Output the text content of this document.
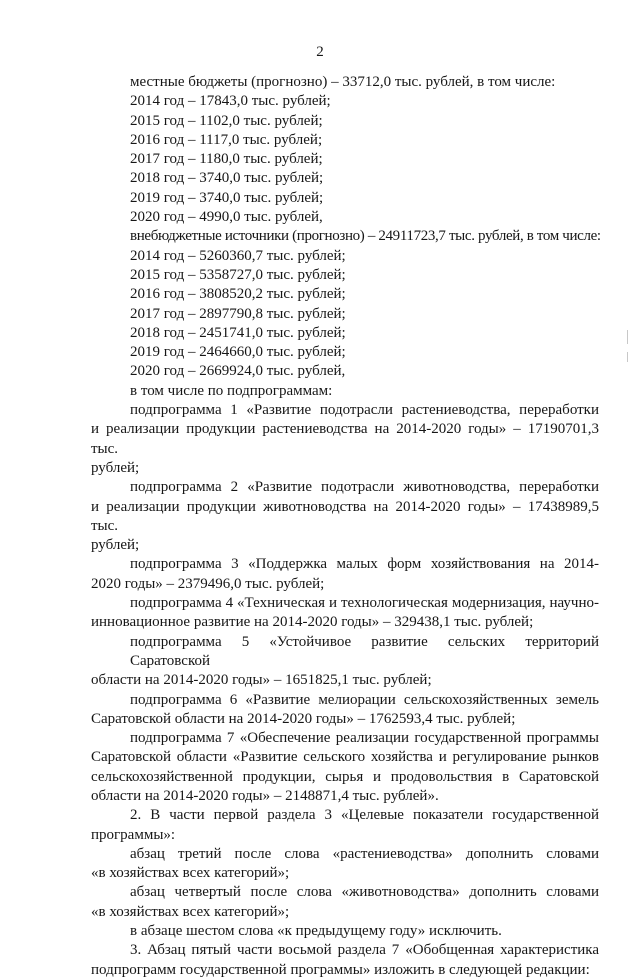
2
местные бюджеты (прогнозно) – 33712,0 тыс. рублей, в том числе:
2014 год – 17843,0 тыс. рублей;
2015 год – 1102,0 тыс. рублей;
2016 год – 1117,0 тыс. рублей;
2017 год – 1180,0 тыс. рублей;
2018 год – 3740,0 тыс. рублей;
2019 год – 3740,0 тыс. рублей;
2020 год – 4990,0 тыс. рублей,
внебюджетные источники (прогнозно) – 24911723,7 тыс. рублей, в том числе:
2014 год – 5260360,7 тыс. рублей;
2015 год – 5358727,0 тыс. рублей;
2016 год – 3808520,2 тыс. рублей;
2017 год – 2897790,8 тыс. рублей;
2018 год – 2451741,0 тыс. рублей;
2019 год – 2464660,0 тыс. рублей;
2020 год – 2669924,0 тыс. рублей,
в том числе по подпрограммам:
подпрограмма 1 «Развитие подотрасли растениеводства, переработки
и реализации продукции растениеводства на 2014-2020 годы» – 17190701,3 тыс.
рублей;
подпрограмма 2 «Развитие подотрасли животноводства, переработки
и реализации продукции животноводства на 2014-2020 годы» – 17438989,5 тыс.
рублей;
подпрограмма 3 «Поддержка малых форм хозяйствования на 2014-
2020 годы» – 2379496,0 тыс. рублей;
подпрограмма 4 «Техническая и технологическая модернизация, научно-
инновационное развитие на 2014-2020 годы» – 329438,1 тыс. рублей;
подпрограмма 5 «Устойчивое развитие сельских территорий Саратовской
области на 2014-2020 годы» – 1651825,1 тыс. рублей;
подпрограмма 6 «Развитие мелиорации сельскохозяйственных земель
Саратовской области на 2014-2020 годы» – 1762593,4 тыс. рублей;
подпрограмма 7 «Обеспечение реализации государственной программы
Саратовской области «Развитие сельского хозяйства и регулирование рынков
сельскохозяйственной продукции, сырья и продовольствия в Саратовской
области на 2014-2020 годы» – 2148871,4 тыс. рублей».
2. В части первой раздела 3 «Целевые показатели государственной
программы»:
абзац третий после слова «растениеводства» дополнить словами
«в хозяйствах всех категорий»;
абзац четвертый после слова «животноводства» дополнить словами
«в хозяйствах всех категорий»;
в абзаце шестом слова «к предыдущему году» исключить.
3. Абзац пятый части восьмой раздела 7 «Обобщенная характеристика
подпрограмм государственной программы» изложить в следующей редакции:
